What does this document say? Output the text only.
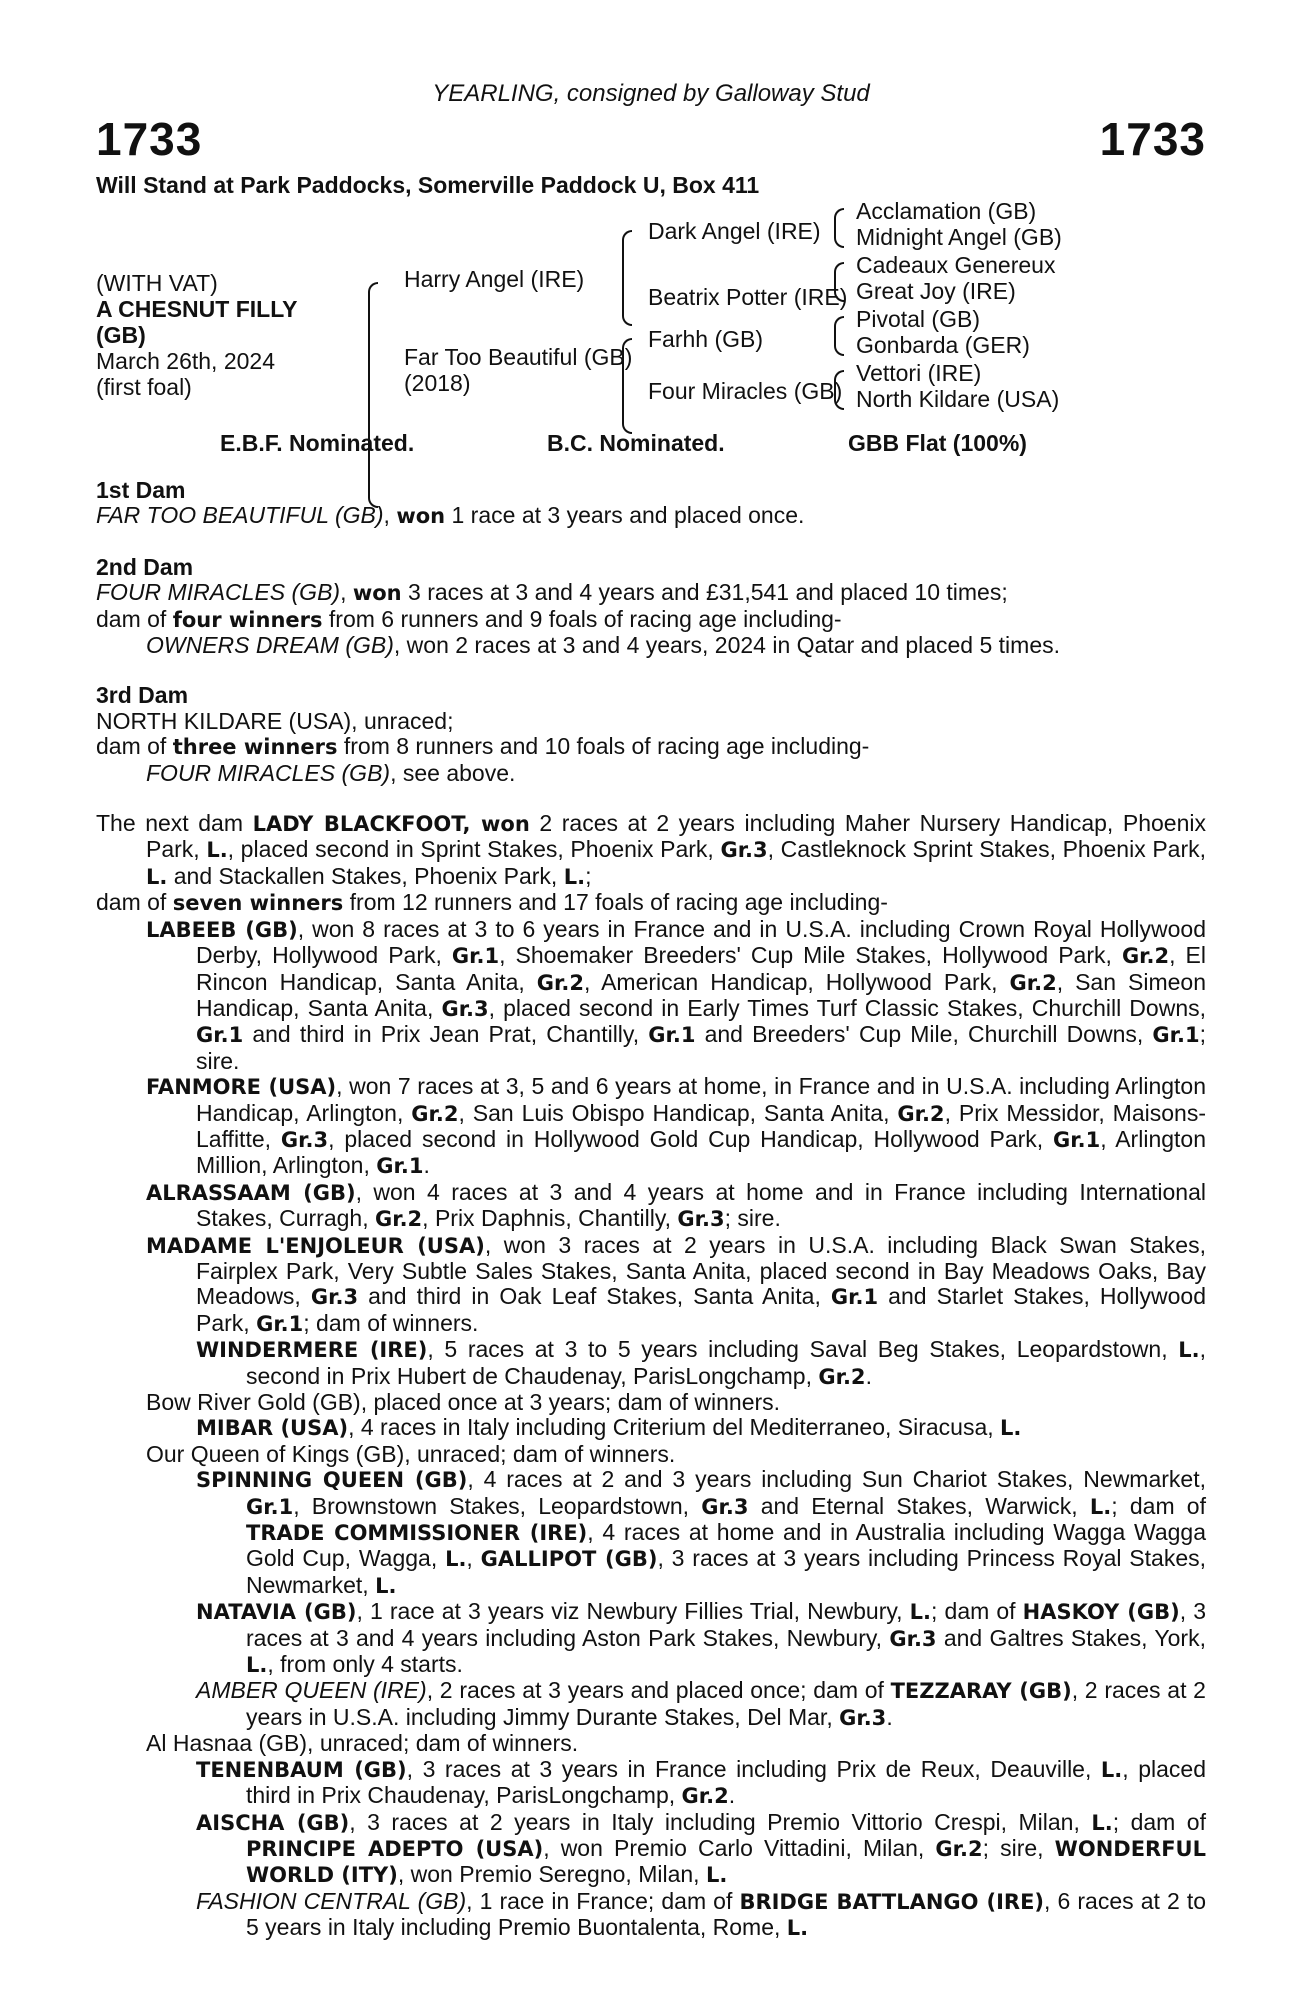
YEARLING, consigned by Galloway Stud
1733	1733
Will Stand at Park Paddocks, Somerville Paddock U, Box 411
(WITH VAT)
A CHESNUT FILLY
(GB)
March 26th, 2024
(first foal)
Harry Angel (IRE)
Far Too Beautiful (GB)
(2018)
Dark Angel (IRE)
Beatrix Potter (IRE)
Farhh (GB)
Four Miracles (GB)
Acclamation (GB)
Midnight Angel (GB)
Cadeaux Genereux
Great Joy (IRE)
Pivotal (GB)
Gonbarda (GER)
Vettori (IRE)
North Kildare (USA)
E.B.F. Nominated.	B.C. Nominated.	GBB Flat (100%)

1st Dam

FAR TOO BEAUTIFUL (GB), won 1 race at 3 years and placed once.

2nd Dam

FOUR MIRACLES (GB), won 3 races at 3 and 4 years and £31,541 and placed 10 times;

dam of four winners from 6 runners and 9 foals of racing age including-

OWNERS DREAM (GB), won 2 races at 3 and 4 years, 2024 in Qatar and placed 5 times.

3rd Dam

NORTH KILDARE (USA), unraced;

dam of three winners from 8 runners and 10 foals of racing age including-

FOUR MIRACLES (GB), see above.

The next dam LADY BLACKFOOT, won 2 races at 2 years including Maher Nursery Handicap, Phoenix Park, L., placed second in Sprint Stakes, Phoenix Park, Gr.3, Castleknock Sprint Stakes, Phoenix Park, L. and Stackallen Stakes, Phoenix Park, L.;

dam of seven winners from 12 runners and 17 foals of racing age including-

LABEEB (GB), won 8 races at 3 to 6 years in France and in U.S.A. including Crown Royal Hollywood Derby, Hollywood Park, Gr.1, Shoemaker Breeders' Cup Mile Stakes, Hollywood Park, Gr.2, El Rincon Handicap, Santa Anita, Gr.2, American Handicap, Hollywood Park, Gr.2, San Simeon Handicap, Santa Anita, Gr.3, placed second in Early Times Turf Classic Stakes, Churchill Downs, Gr.1 and third in Prix Jean Prat, Chantilly, Gr.1 and Breeders' Cup Mile, Churchill Downs, Gr.1; sire.

FANMORE (USA), won 7 races at 3, 5 and 6 years at home, in France and in U.S.A. including Arlington Handicap, Arlington, Gr.2, San Luis Obispo Handicap, Santa Anita, Gr.2, Prix Messidor, Maisons-Laffitte, Gr.3, placed second in Hollywood Gold Cup Handicap, Hollywood Park, Gr.1, Arlington Million, Arlington, Gr.1.

ALRASSAAM (GB), won 4 races at 3 and 4 years at home and in France including International Stakes, Curragh, Gr.2, Prix Daphnis, Chantilly, Gr.3; sire.

MADAME L'ENJOLEUR (USA), won 3 races at 2 years in U.S.A. including Black Swan Stakes, Fairplex Park, Very Subtle Sales Stakes, Santa Anita, placed second in Bay Meadows Oaks, Bay Meadows, Gr.3 and third in Oak Leaf Stakes, Santa Anita, Gr.1 and Starlet Stakes, Hollywood Park, Gr.1; dam of winners.

WINDERMERE (IRE), 5 races at 3 to 5 years including Saval Beg Stakes, Leopardstown, L., second in Prix Hubert de Chaudenay, ParisLongchamp, Gr.2.

Bow River Gold (GB), placed once at 3 years; dam of winners.

MIBAR (USA), 4 races in Italy including Criterium del Mediterraneo, Siracusa, L.

Our Queen of Kings (GB), unraced; dam of winners.

SPINNING QUEEN (GB), 4 races at 2 and 3 years including Sun Chariot Stakes, Newmarket, Gr.1, Brownstown Stakes, Leopardstown, Gr.3 and Eternal Stakes, Warwick, L.; dam of TRADE COMMISSIONER (IRE), 4 races at home and in Australia including Wagga Wagga Gold Cup, Wagga, L., GALLIPOT (GB), 3 races at 3 years including Princess Royal Stakes, Newmarket, L.

NATAVIA (GB), 1 race at 3 years viz Newbury Fillies Trial, Newbury, L.; dam of HASKOY (GB), 3 races at 3 and 4 years including Aston Park Stakes, Newbury, Gr.3 and Galtres Stakes, York, L., from only 4 starts.

AMBER QUEEN (IRE), 2 races at 3 years and placed once; dam of TEZZARAY (GB), 2 races at 2 years in U.S.A. including Jimmy Durante Stakes, Del Mar, Gr.3.

Al Hasnaa (GB), unraced; dam of winners.

TENENBAUM (GB), 3 races at 3 years in France including Prix de Reux, Deauville, L., placed third in Prix Chaudenay, ParisLongchamp, Gr.2.

AISCHA (GB), 3 races at 2 years in Italy including Premio Vittorio Crespi, Milan, L.; dam of PRINCIPE ADEPTO (USA), won Premio Carlo Vittadini, Milan, Gr.2; sire, WONDERFUL WORLD (ITY), won Premio Seregno, Milan, L.

FASHION CENTRAL (GB), 1 race in France; dam of BRIDGE BATTLANGO (IRE), 6 races at 2 to 5 years in Italy including Premio Buontalenta, Rome, L.
